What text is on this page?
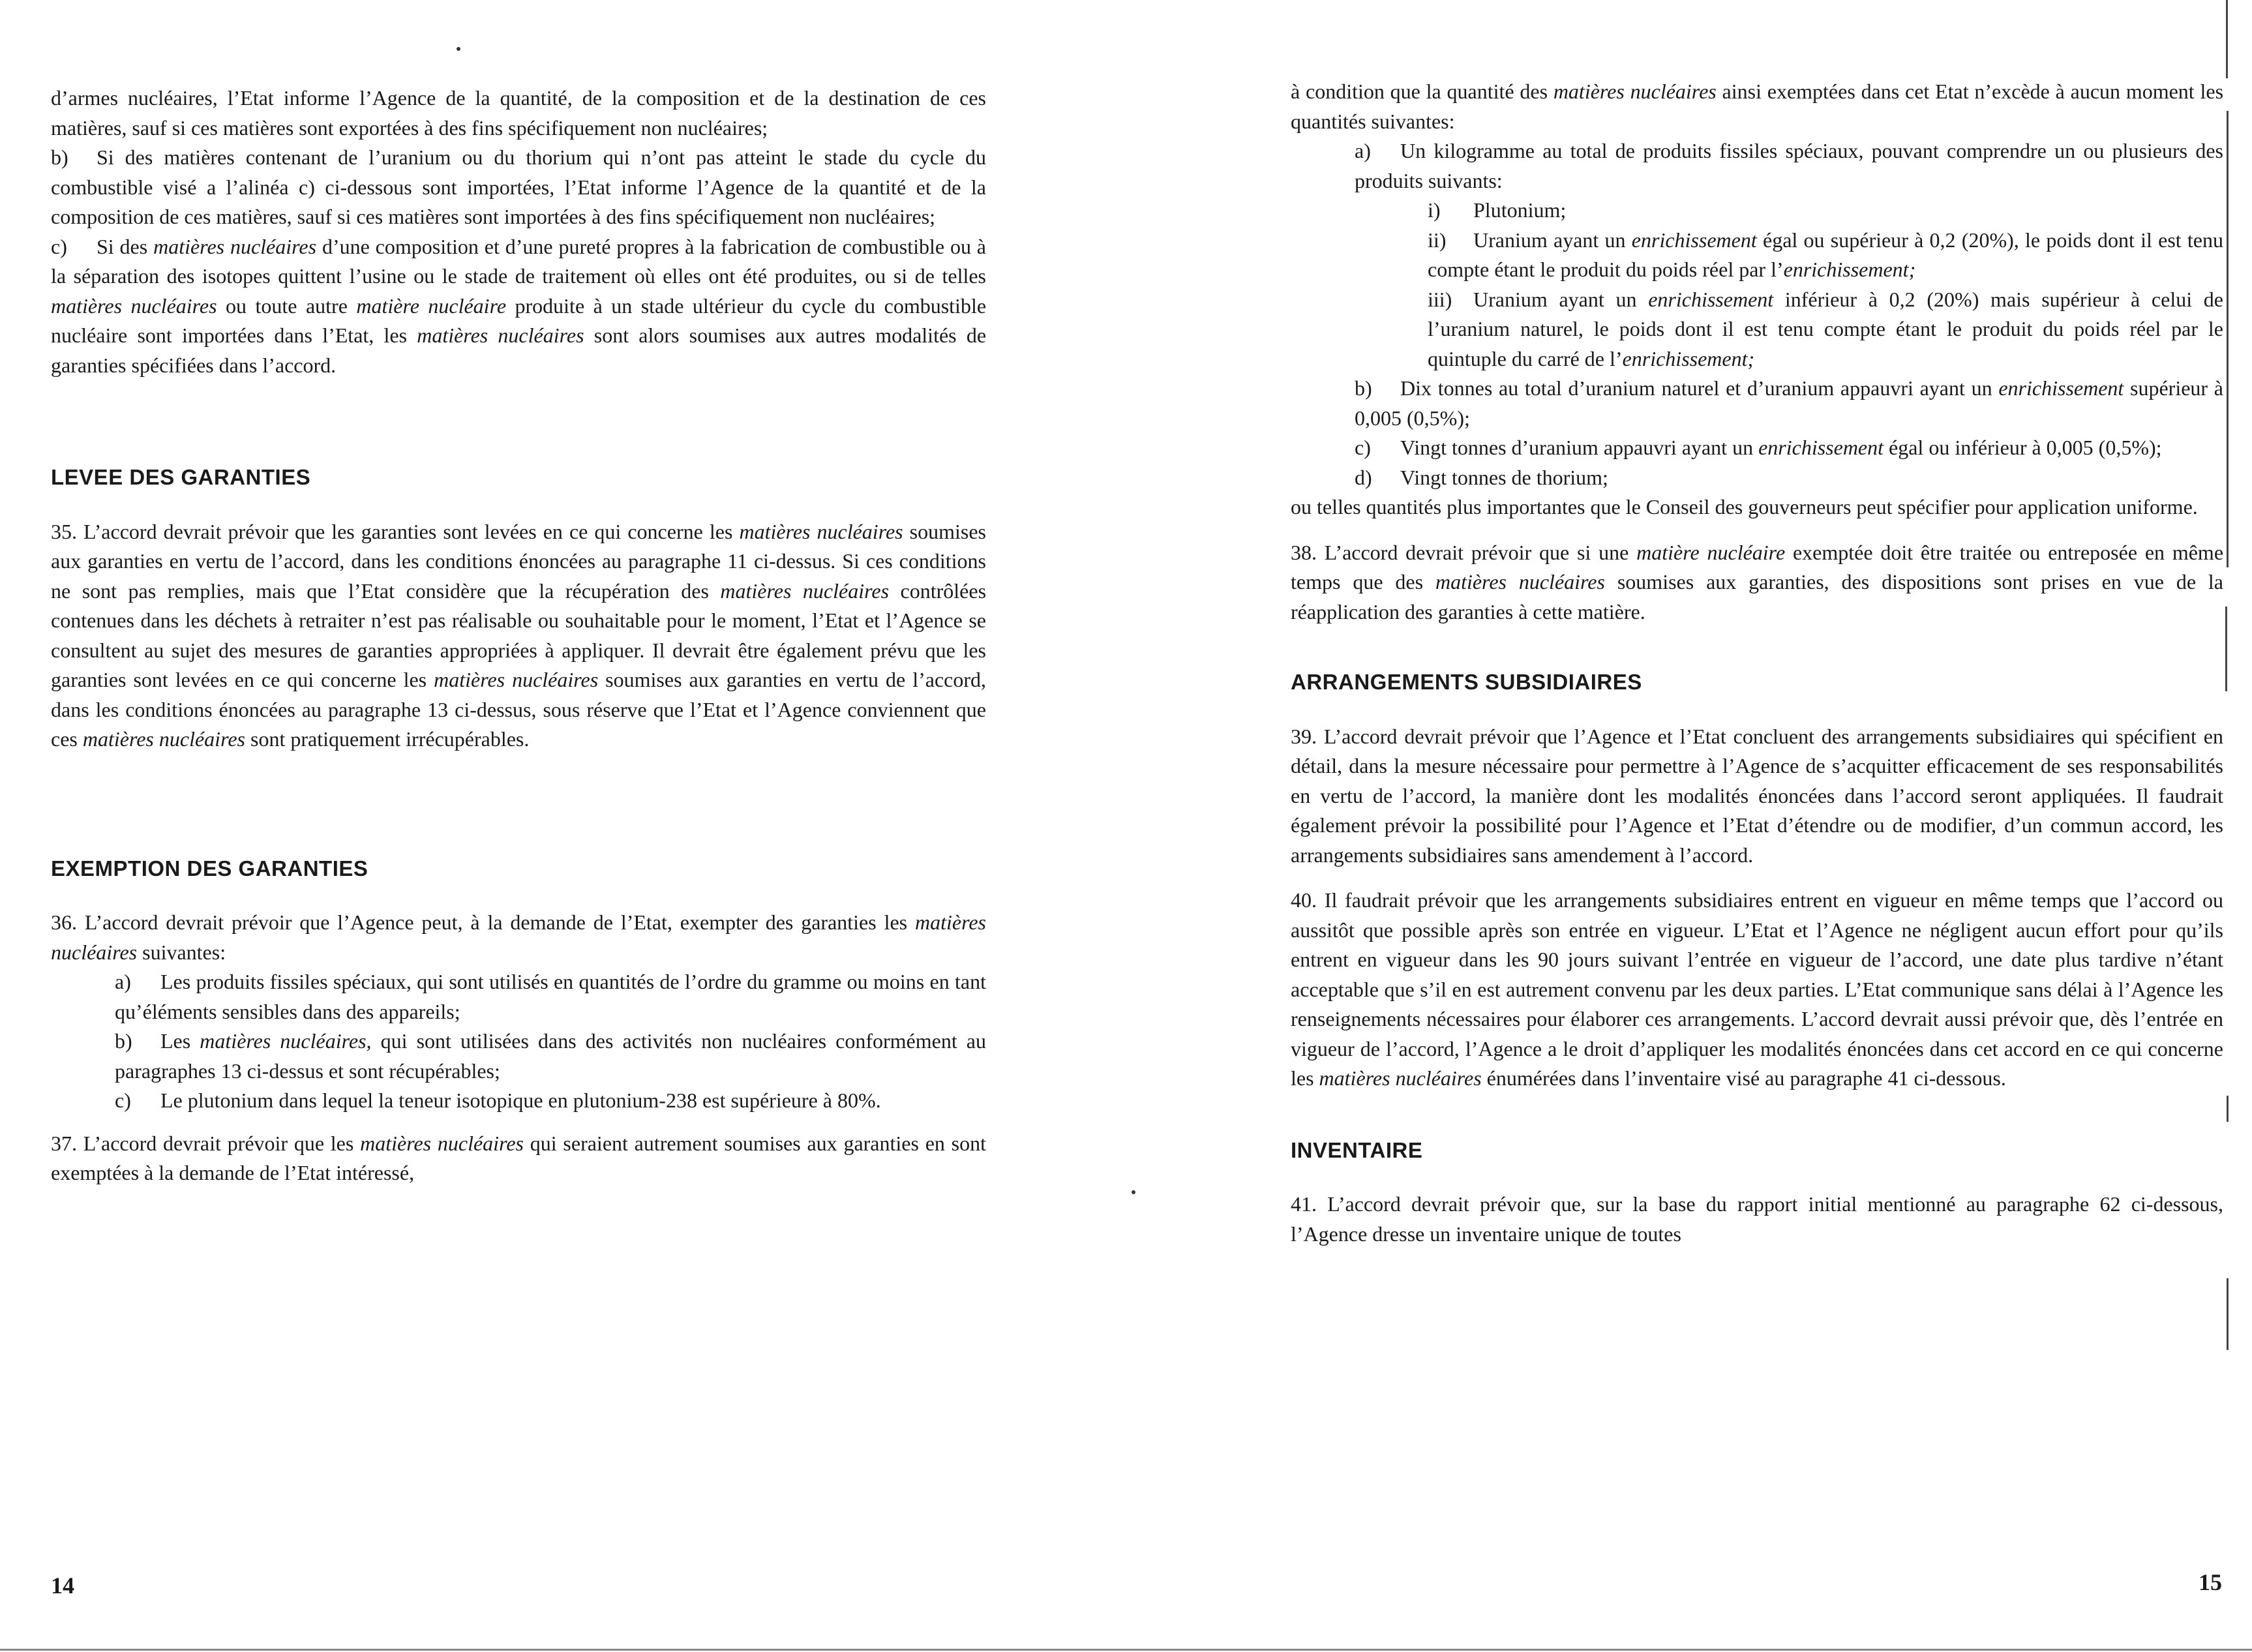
d’armes nucléaires, l’Etat informe l’Agence de la quantité, de la composition et de la destination de ces matières, sauf si ces matières sont exportées à des fins spécifiquement non nucléaires;

b) Si des matières contenant de l’uranium ou du thorium qui n’ont pas atteint le stade du cycle du combustible visé a l’alinéa c) ci-dessous sont importées, l’Etat informe l’Agence de la quantité et de la composition de ces matières, sauf si ces matières sont importées à des fins spécifiquement non nucléaires;

c) Si des matières nucléaires d’une composition et d’une pureté propres à la fabrication de combustible ou à la séparation des isotopes quittent l’usine ou le stade de traitement où elles ont été produites, ou si de telles matières nucléaires ou toute autre matière nucléaire produite à un stade ultérieur du cycle du combustible nucléaire sont importées dans l’Etat, les matières nucléaires sont alors soumises aux autres modalités de garanties spécifiées dans l’accord.

LEVEE DES GARANTIES

35. L’accord devrait prévoir que les garanties sont levées en ce qui concerne les matières nucléaires soumises aux garanties en vertu de l’accord, dans les conditions énoncées au paragraphe 11 ci-dessus. Si ces conditions ne sont pas remplies, mais que l’Etat considère que la récupération des matières nucléaires contrôlées contenues dans les déchets à retraiter n’est pas réalisable ou souhaitable pour le moment, l’Etat et l’Agence se consultent au sujet des mesures de garanties appropriées à appliquer. Il devrait être également prévu que les garanties sont levées en ce qui concerne les matières nucléaires soumises aux garanties en vertu de l’accord, dans les conditions énoncées au paragraphe 13 ci-dessus, sous réserve que l’Etat et l’Agence conviennent que ces matières nucléaires sont pratiquement irrécupérables.

EXEMPTION DES GARANTIES

36. L’accord devrait prévoir que l’Agence peut, à la demande de l’Etat, exempter des garanties les matières nucléaires suivantes:

a) Les produits fissiles spéciaux, qui sont utilisés en quantités de l’ordre du gramme ou moins en tant qu’éléments sensibles dans des appareils;

b) Les matières nucléaires, qui sont utilisées dans des activités non nucléaires conformément au paragraphes 13 ci-dessus et sont récupérables;

c) Le plutonium dans lequel la teneur isotopique en plutonium-238 est supérieure à 80%.

37. L’accord devrait prévoir que les matières nucléaires qui seraient autrement soumises aux garanties en sont exemptées à la demande de l’Etat intéressé,

14

à condition que la quantité des matières nucléaires ainsi exemptées dans cet Etat n’excède à aucun moment les quantités suivantes:

a) Un kilogramme au total de produits fissiles spéciaux, pouvant comprendre un ou plusieurs des produits suivants:

i) Plutonium;

ii) Uranium ayant un enrichissement égal ou supérieur à 0,2 (20%), le poids dont il est tenu compte étant le produit du poids réel par l’enrichissement;

iii) Uranium ayant un enrichissement inférieur à 0,2 (20%) mais supérieur à celui de l’uranium naturel, le poids dont il est tenu compte étant le produit du poids réel par le quintuple du carré de l’enrichissement;

b) Dix tonnes au total d’uranium naturel et d’uranium appauvri ayant un enrichissement supérieur à 0,005 (0,5%);

c) Vingt tonnes d’uranium appauvri ayant un enrichissement égal ou inférieur à 0,005 (0,5%);

d) Vingt tonnes de thorium;

ou telles quantités plus importantes que le Conseil des gouverneurs peut spécifier pour application uniforme.

38. L’accord devrait prévoir que si une matière nucléaire exemptée doit être traitée ou entreposée en même temps que des matières nucléaires soumises aux garanties, des dispositions sont prises en vue de la réapplication des garanties à cette matière.

ARRANGEMENTS SUBSIDIAIRES

39. L’accord devrait prévoir que l’Agence et l’Etat concluent des arrangements subsidiaires qui spécifient en détail, dans la mesure nécessaire pour permettre à l’Agence de s’acquitter efficacement de ses responsabilités en vertu de l’accord, la manière dont les modalités énoncées dans l’accord seront appliquées. Il faudrait également prévoir la possibilité pour l’Agence et l’Etat d’étendre ou de modifier, d’un commun accord, les arrangements subsidiaires sans amendement à l’accord.

40. Il faudrait prévoir que les arrangements subsidiaires entrent en vigueur en même temps que l’accord ou aussitôt que possible après son entrée en vigueur. L’Etat et l’Agence ne négligent aucun effort pour qu’ils entrent en vigueur dans les 90 jours suivant l’entrée en vigueur de l’accord, une date plus tardive n’étant acceptable que s’il en est autrement convenu par les deux parties. L’Etat communique sans délai à l’Agence les renseignements nécessaires pour élaborer ces arrangements. L’accord devrait aussi prévoir que, dès l’entrée en vigueur de l’accord, l’Agence a le droit d’appliquer les modalités énoncées dans cet accord en ce qui concerne les matières nucléaires énumérées dans l’inventaire visé au paragraphe 41 ci-dessous.

INVENTAIRE

41. L’accord devrait prévoir que, sur la base du rapport initial mentionné au paragraphe 62 ci-dessous, l’Agence dresse un inventaire unique de toutes

15
